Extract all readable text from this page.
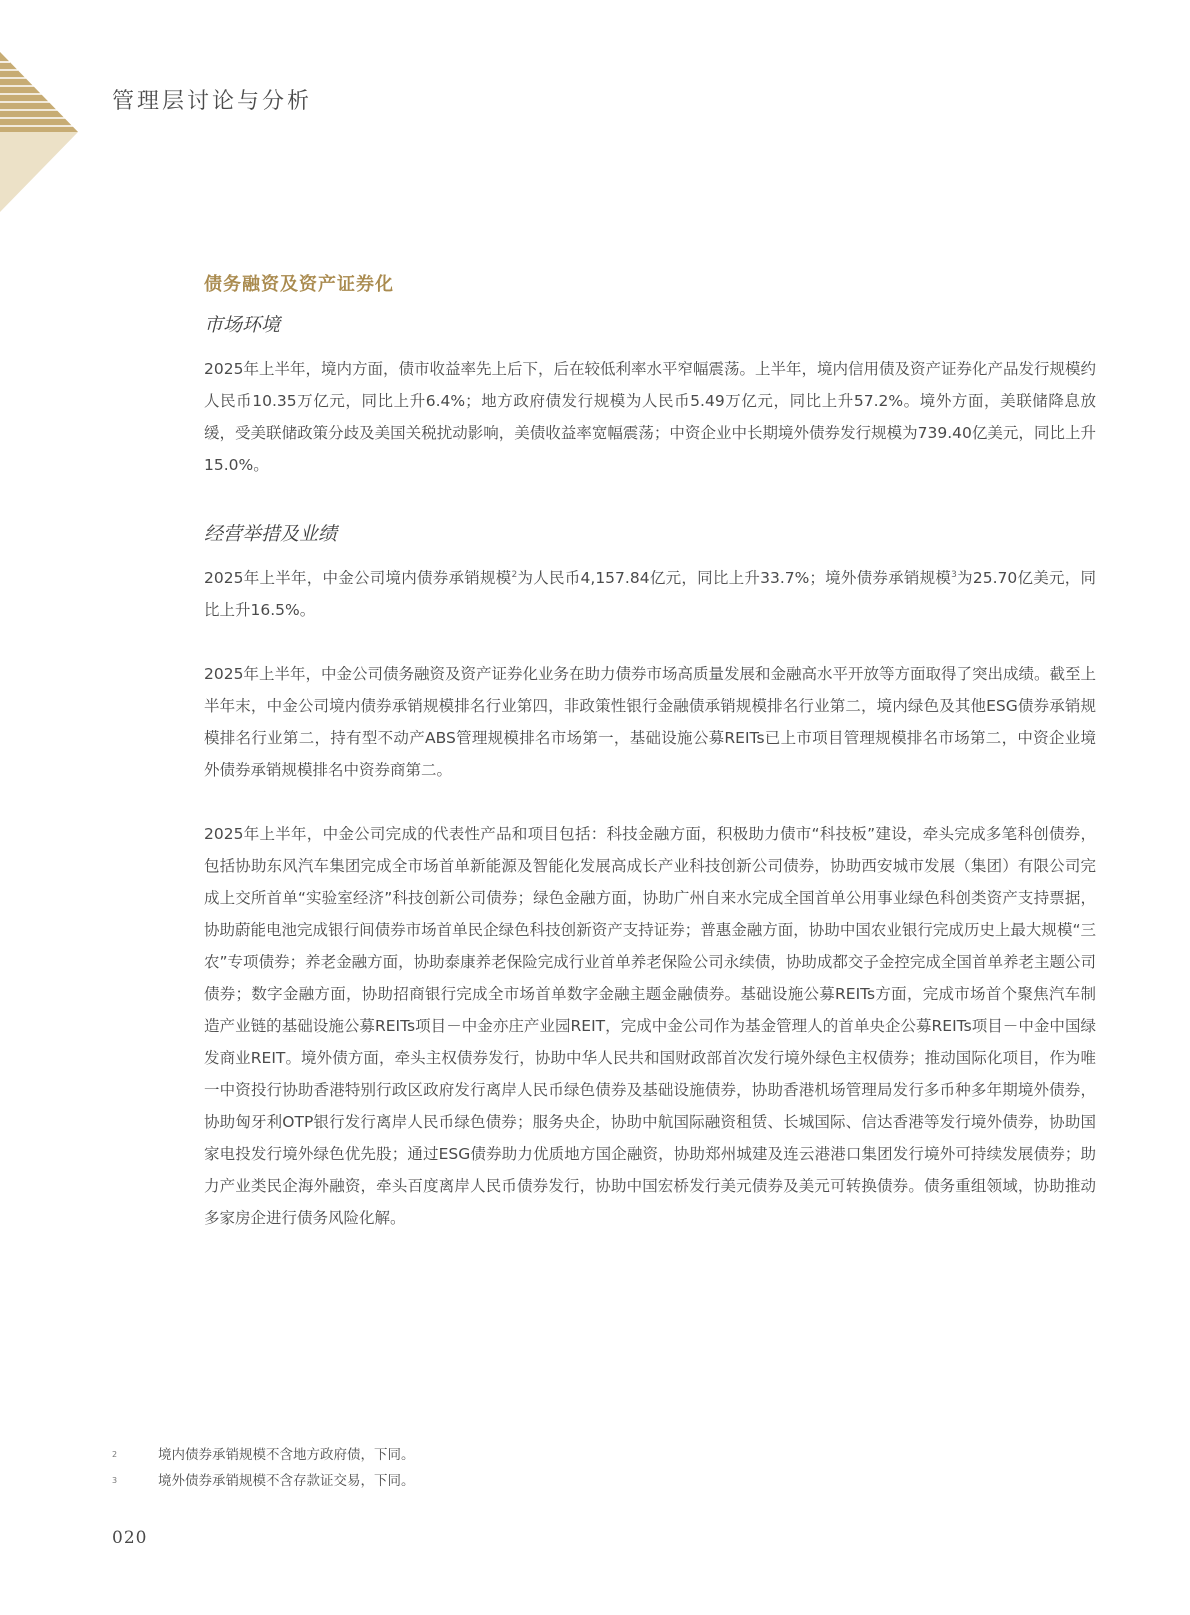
管理层讨论与分析
债务融资及资产证券化
市场环境

2025年上半年，境内方面，债市收益率先上后下，后在较低利率水平窄幅震荡。上半年，境内信用债及资产证券化产品发行规模约人民币10.35万亿元，同比上升6.4%；地方政府债发行规模为人民币5.49万亿元，同比上升57.2%。境外方面，美联储降息放缓，受美联储政策分歧及美国关税扰动影响，美债收益率宽幅震荡；中资企业中长期境外债券发行规模为739.40亿美元，同比上升15.0%。

经营举措及业绩

2025年上半年，中金公司境内债券承销规模$^2$为人民币4,157.84亿元，同比上升33.7%；境外债券承销规模$^3$为25.70亿美元，同比上升16.5%。

2025年上半年，中金公司债务融资及资产证券化业务在助力债券市场高质量发展和金融高水平开放等方面取得了突出成绩。截至上半年末，中金公司境内债券承销规模排名行业第四，非政策性银行金融债承销规模排名行业第二，境内绿色及其他ESG债券承销规模排名行业第二，持有型不动产ABS管理规模排名市场第一，基础设施公募REITs已上市项目管理规模排名市场第二，中资企业境外债券承销规模排名中资券商第二。

2025年上半年，中金公司完成的代表性产品和项目包括：科技金融方面，积极助力债市“科技板”建设，牵头完成多笔科创债券，包括协助东风汽车集团完成全市场首单新能源及智能化发展高成长产业科技创新公司债券，协助西安城市发展（集团）有限公司完成上交所首单“实验室经济”科技创新公司债券；绿色金融方面，协助广州自来水完成全国首单公用事业绿色科创类资产支持票据，协助蔚能电池完成银行间债券市场首单民企绿色科技创新资产支持证券；普惠金融方面，协助中国农业银行完成历史上最大规模“三农”专项债券；养老金融方面，协助泰康养老保险完成行业首单养老保险公司永续债，协助成都交子金控完成全国首单养老主题公司债券；数字金融方面，协助招商银行完成全市场首单数字金融主题金融债券。基础设施公募REITs方面，完成市场首个聚焦汽车制造产业链的基础设施公募REITs项目－中金亦庄产业园REIT，完成中金公司作为基金管理人的首单央企公募REITs项目－中金中国绿发商业REIT。境外债方面，牵头主权债券发行，协助中华人民共和国财政部首次发行境外绿色主权债券；推动国际化项目，作为唯一中资投行协助香港特别行政区政府发行离岸人民币绿色债券及基础设施债券，协助香港机场管理局发行多币种多年期境外债券，协助匈牙利OTP银行发行离岸人民币绿色债券；服务央企，协助中航国际融资租赁、长城国际、信达香港等发行境外债券，协助国家电投发行境外绿色优先股；通过ESG债券助力优质地方国企融资，协助郑州城建及连云港港口集团发行境外可持续发展债券；助力产业类民企海外融资，牵头百度离岸人民币债券发行，协助中国宏桥发行美元债券及美元可转换债券。债务重组领域，协助推动多家房企进行债务风险化解。

2	境内债券承销规模不含地方政府债，下同。
3	境外债券承销规模不含存款证交易，下同。
020
